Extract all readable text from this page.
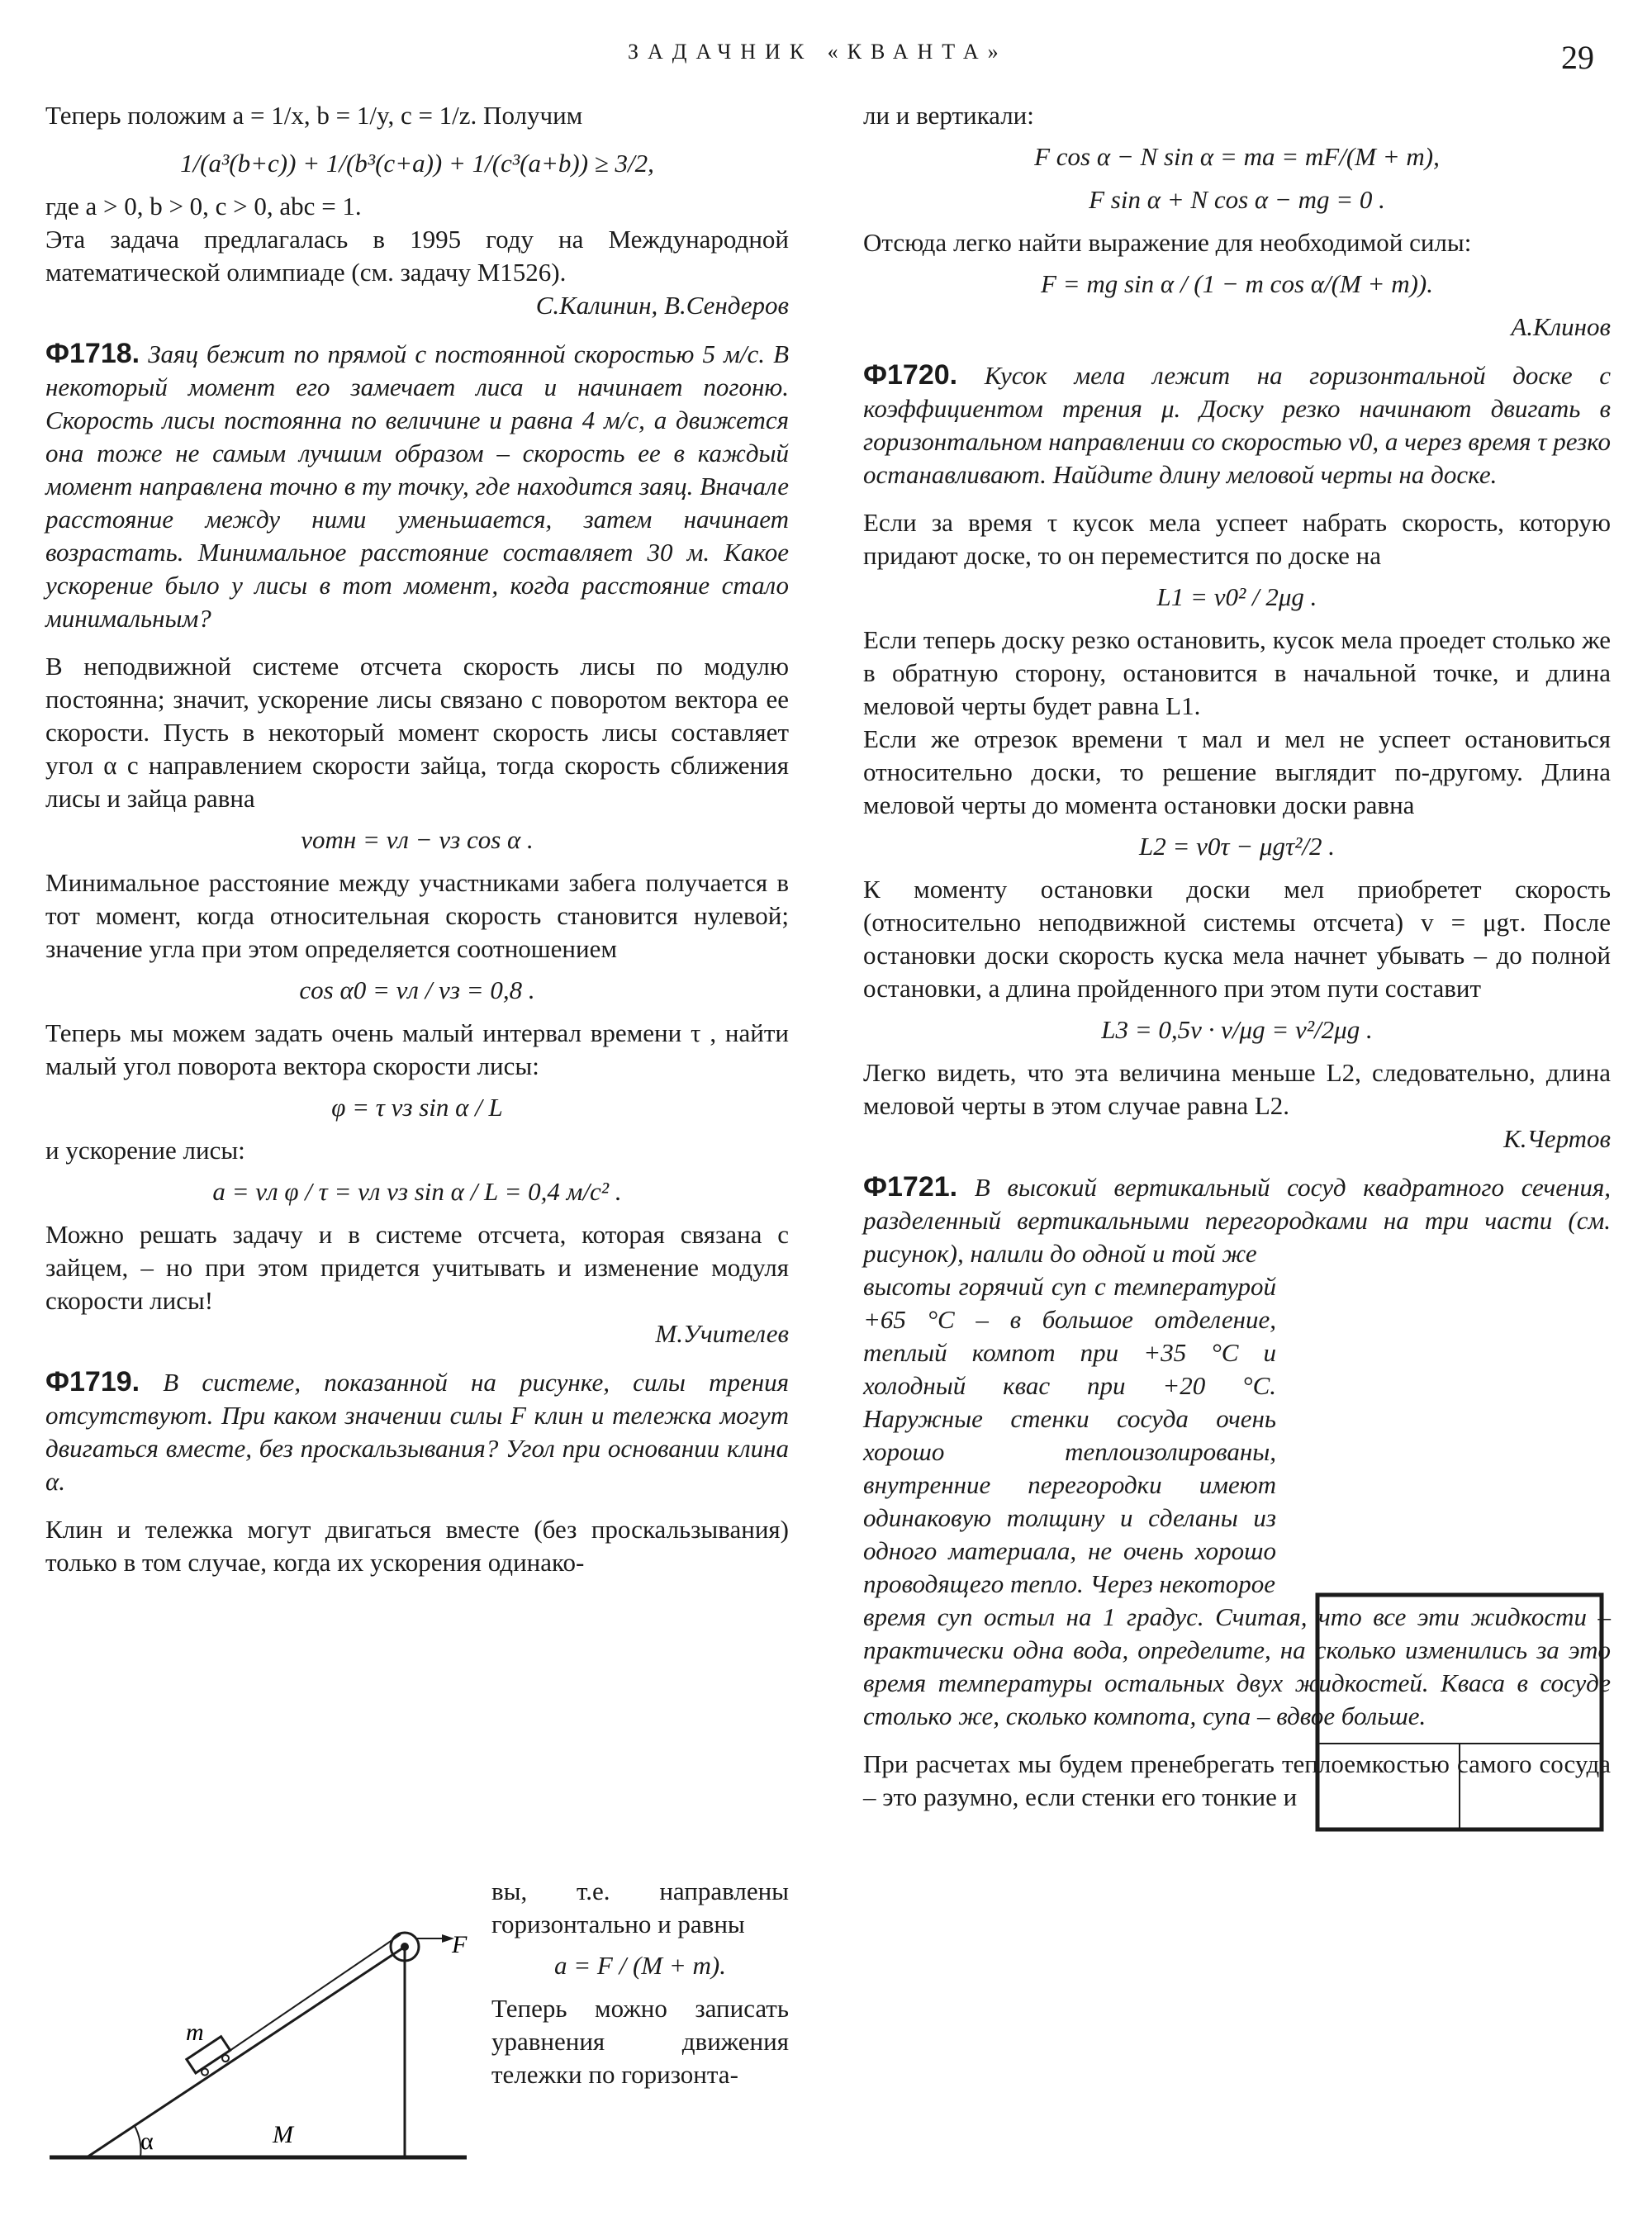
ЗАДАЧНИК «КВАНТА»	29

Теперь положим a = 1/x, b = 1/y, c = 1/z. Получим

1/(a³(b+c)) + 1/(b³(c+a)) + 1/(c³(a+b)) ≥ 3/2,

где a > 0, b > 0, c > 0, abc = 1.

Эта задача предлагалась в 1995 году на Международной математической олимпиаде (см. задачу М1526).

С.Калинин, В.Сендеров

Ф1718. Заяц бежит по прямой с постоянной скоростью 5 м/с. В некоторый момент его замечает лиса и начинает погоню. Скорость лисы постоянна по величине и равна 4 м/с, а движется она тоже не самым лучшим образом – скорость ее в каждый момент направлена точно в ту точку, где находится заяц. Вначале расстояние между ними уменьшается, затем начинает возрастать. Минимальное расстояние составляет 30 м. Какое ускорение было у лисы в тот момент, когда расстояние стало минимальным?

В неподвижной системе отсчета скорость лисы по модулю постоянна; значит, ускорение лисы связано с поворотом вектора ее скорости. Пусть в некоторый момент скорость лисы составляет угол α с направлением скорости зайца, тогда скорость сближения лисы и зайца равна

vотн = vл − vз cos α .

Минимальное расстояние между участниками забега получается в тот момент, когда относительная скорость становится нулевой; значение угла при этом определяется соотношением

cos α0 = vл / vз = 0,8 .

Теперь мы можем задать очень малый интервал времени τ , найти малый угол поворота вектора скорости лисы:

φ = τ vз sin α / L

и ускорение лисы:

a = vл φ / τ = vл vз sin α / L = 0,4 м/с² .

Можно решать задачу и в системе отсчета, которая связана с зайцем, – но при этом придется учитывать и изменение модуля скорости лисы!

М.Учителев

Ф1719. В системе, показанной на рисунке, силы трения отсутствуют. При каком значении силы F клин и тележка могут двигаться вместе, без проскальзывания? Угол при основании клина α.

Клин и тележка могут двигаться вместе (без проскальзывания) только в том случае, когда их ускорения одинако-

вы, т.е. направлены горизонтально и равны

a = F / (M + m).

Теперь можно записать уравнения движения тележки по горизонта-

m
M
α
F

ли и вертикали:

F cos α − N sin α = ma = mF/(M + m),
F sin α + N cos α − mg = 0 .

Отсюда легко найти выражение для необходимой силы:

F = mg sin α / (1 − m cos α/(M + m)).

А.Клинов

Ф1720. Кусок мела лежит на горизонтальной доске с коэффициентом трения μ. Доску резко начинают двигать в горизонтальном направлении со скоростью v0, а через время τ резко останавливают. Найдите длину меловой черты на доске.

Если за время τ кусок мела успеет набрать скорость, которую придают доске, то он переместится по доске на

L1 = v0² / 2μg .

Если теперь доску резко остановить, кусок мела проедет столько же в обратную сторону, остановится в начальной точке, и длина меловой черты будет равна L1.

Если же отрезок времени τ мал и мел не успеет остановиться относительно доски, то решение выглядит по-другому. Длина меловой черты до момента остановки доски равна

L2 = v0τ − μgτ²/2 .

К моменту остановки доски мел приобретет скорость (относительно неподвижной системы отсчета) v = μgτ. После остановки доски скорость куска мела начнет убывать – до полной остановки, а длина пройденного при этом пути составит

L3 = 0,5v · v/μg = v²/2μg .

Легко видеть, что эта величина меньше L2, следовательно, длина меловой черты в этом случае равна L2.

К.Чертов

Ф1721. В высокий вертикальный сосуд квадратного сечения, разделенный вертикальными перегородками на три части (см. рисунок), налили до одной и той же

высоты горячий суп с температурой +65 °С – в большое отделение, теплый компот при +35 °С и холодный квас при +20 °С. Наружные стенки сосуда очень хорошо теплоизолированы, внутренние перегородки имеют одинаковую толщину и сделаны из одного материала, не очень хорошо проводящего тепло. Через некоторое

время суп остыл на 1 градус. Считая, что все эти жидкости – практически одна вода, определите, на сколько изменились за это время температуры остальных двух жидкостей. Кваса в сосуде столько же, сколько компота, супа – вдвое больше.

При расчетах мы будем пренебрегать теплоемкостью самого сосуда – это разумно, если стенки его тонкие и
